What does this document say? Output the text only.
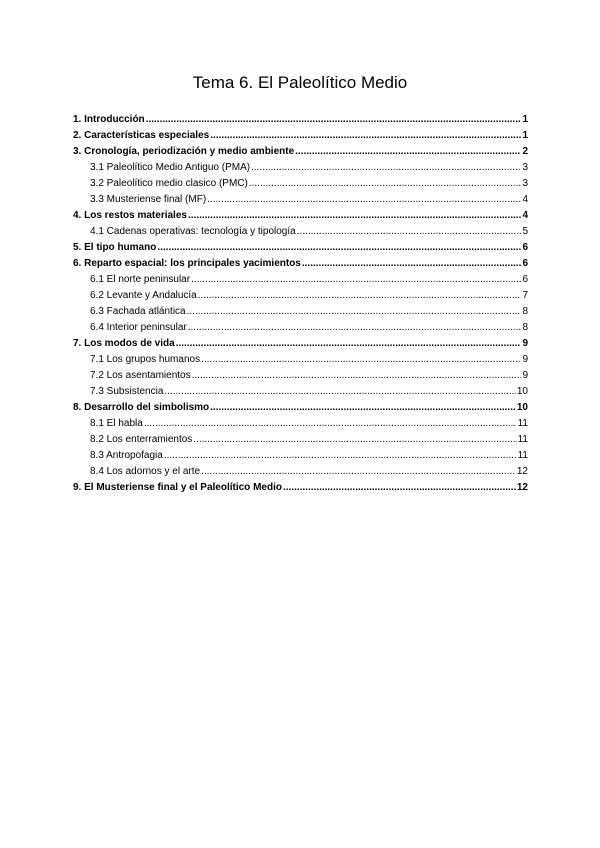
Tema 6. El Paleolítico Medio
1. Introducción .....	1
2. Características especiales .....	1
3. Cronología, periodización y medio ambiente .....	2
3.1 Paleolítico Medio Antiguo (PMA) .....	3
3.2 Paleolítico medio clasico (PMC) .....	3
3.3 Musteriense final (MF) .....	4
4. Los restos materiales .....	4
4.1 Cadenas operativas: tecnología y tipología .....	5
5. El tipo humano .....	6
6. Reparto espacial: los principales yacimientos .....	6
6.1 El norte peninsular .....	6
6.2 Levante y Andalucía .....	7
6.3 Fachada atlántica .....	8
6.4 Interior peninsular .....	8
7. Los modos de vida .....	9
7.1 Los grupos humanos .....	9
7.2 Los asentamientos .....	9
7.3 Subsistencia .....	10
8. Desarrollo del simbolismo .....	10
8.1 El habla .....	11
8.2 Los enterramientos .....	11
8.3 Antropofagia .....	11
8.4 Los adornos y el arte .....	12
9. El Musteriense final y el Paleolítico Medio .....	12
